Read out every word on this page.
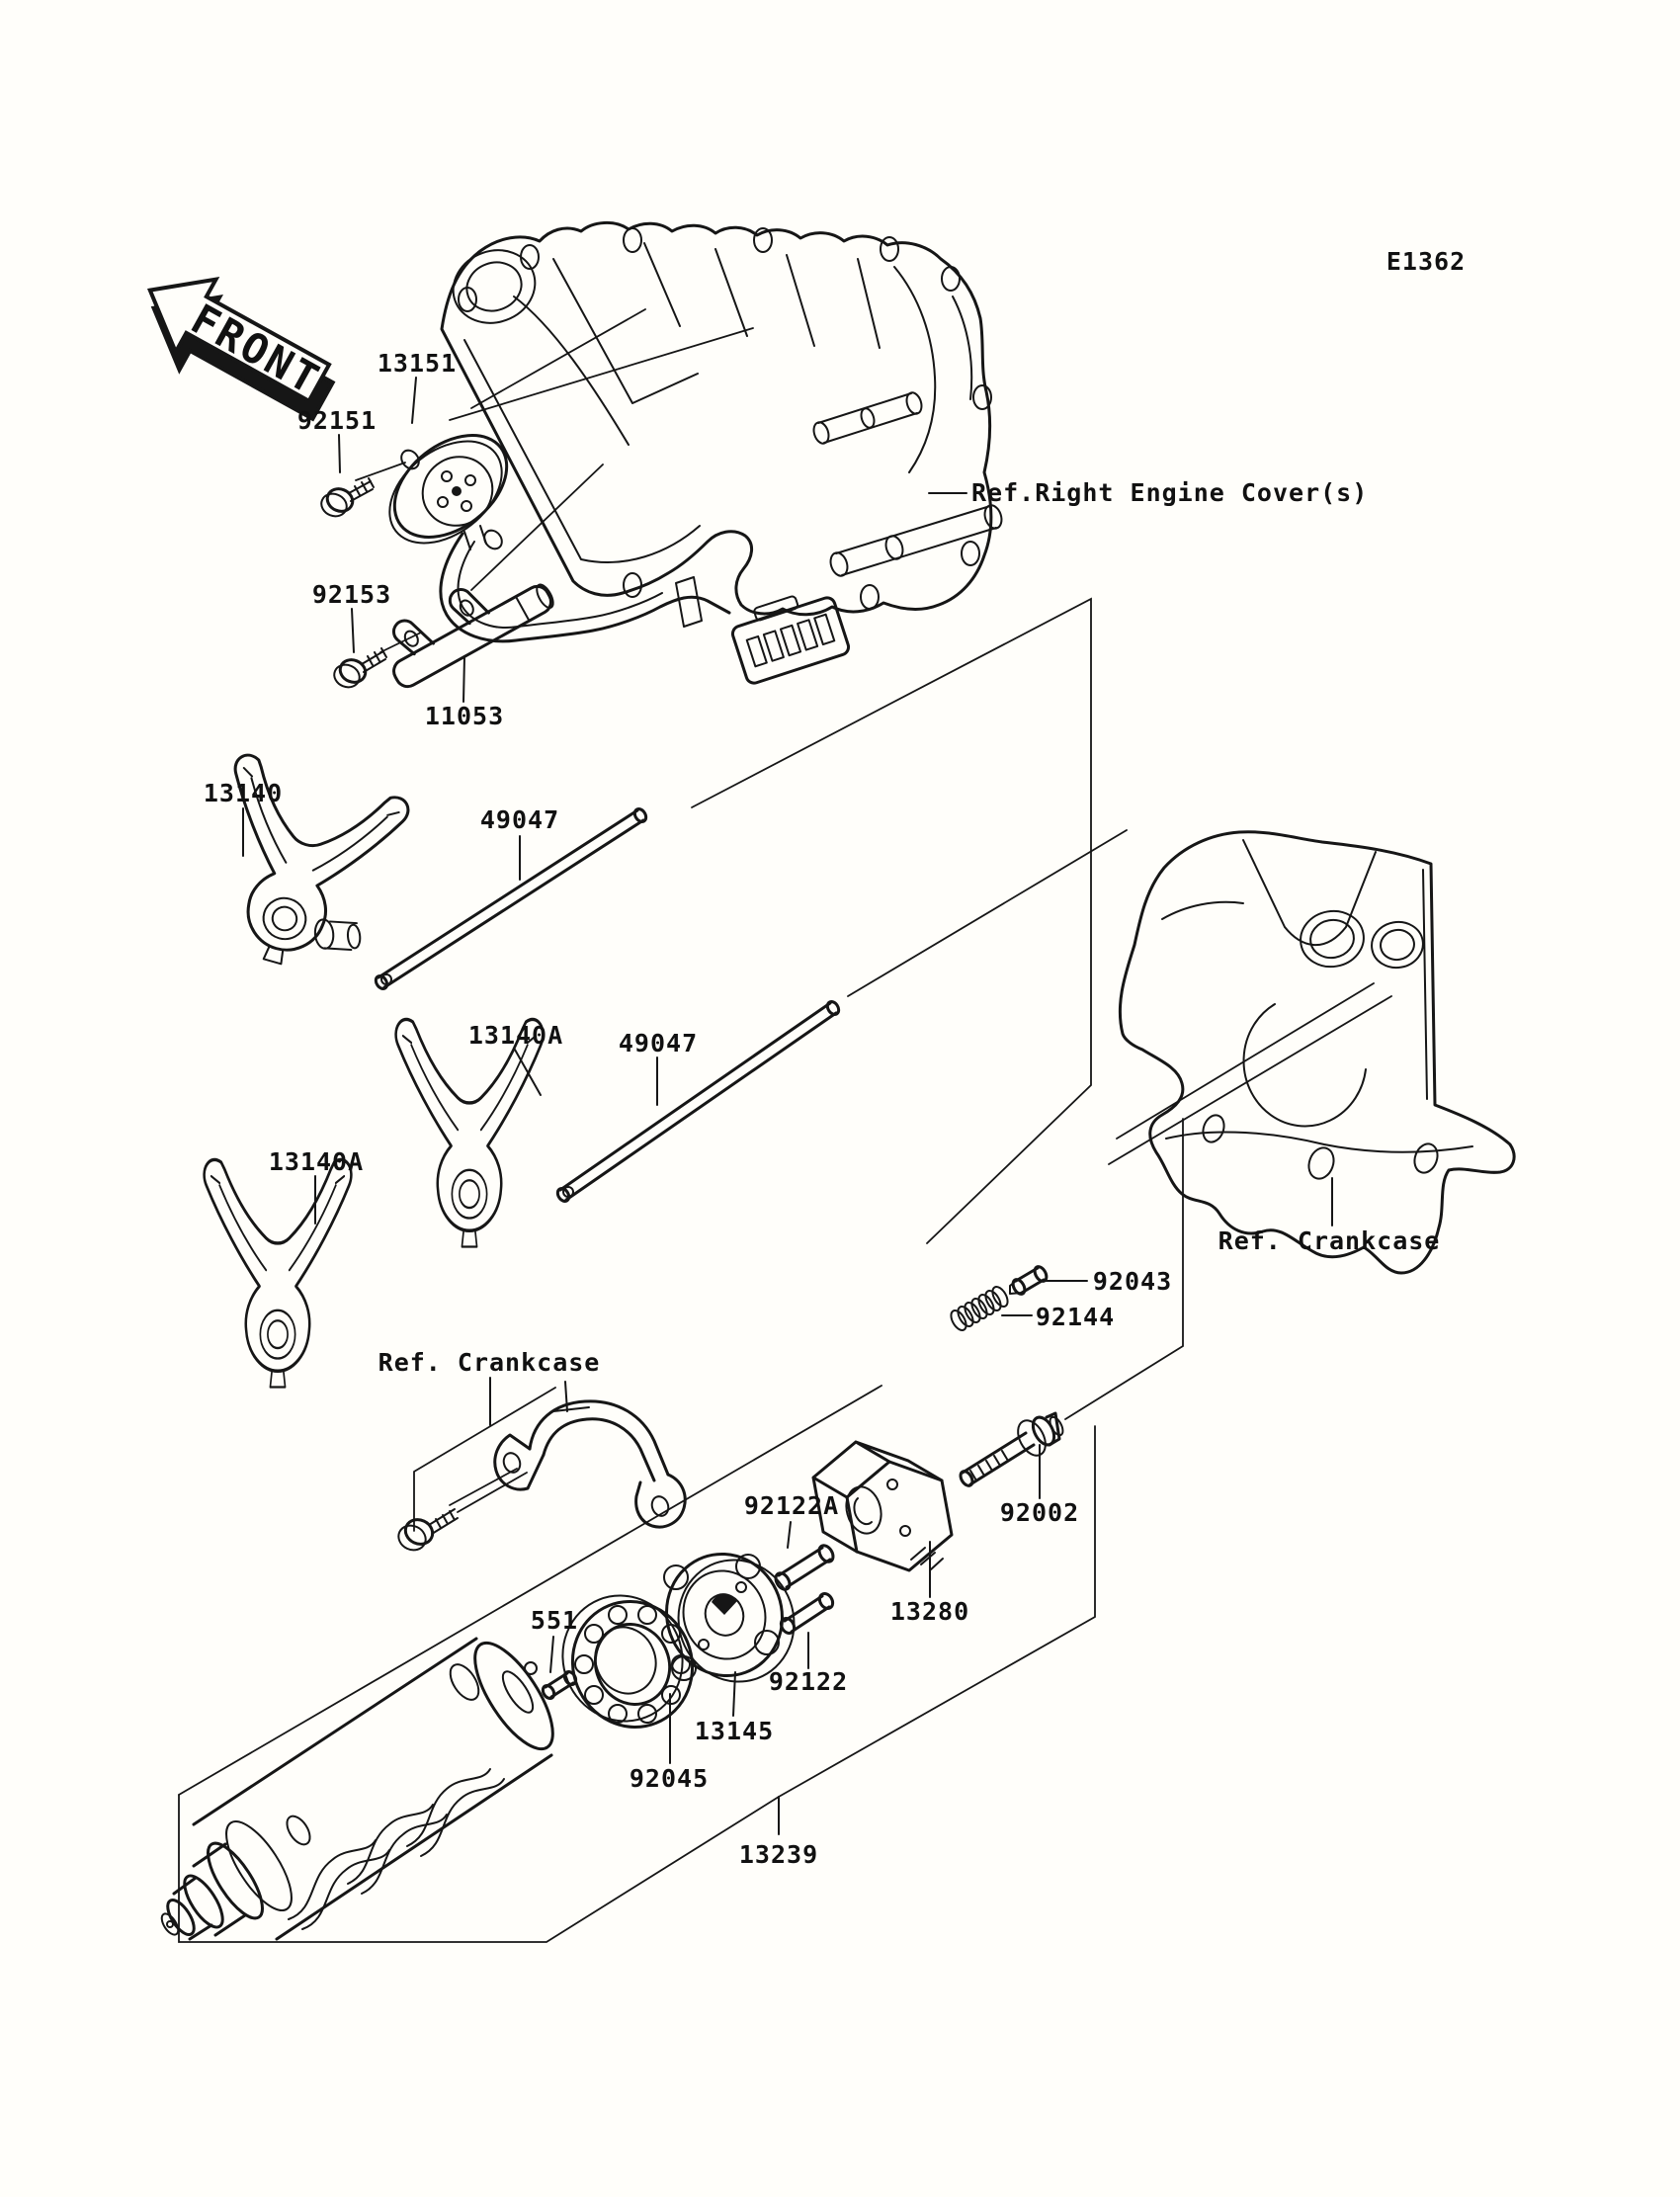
FRONT
E1362
13151
92151
92153
11053
13140
49047
13140A 49047
13140A
Ref. Crankcase
Ref. Crankcase
Ref.Right Engine Cover(s)
92043
92144
92002
92122A
13280
92122
551
13145
92045
13239
